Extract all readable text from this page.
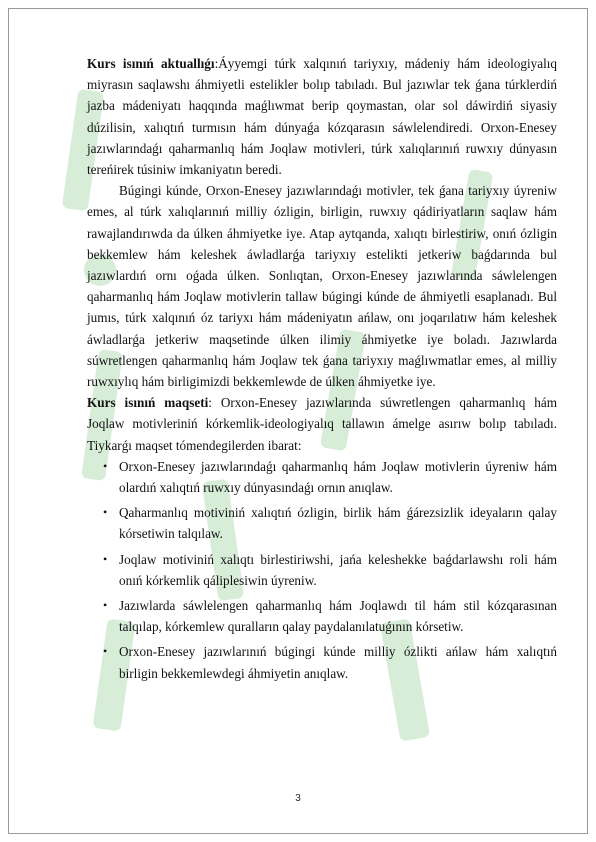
Kurs isınıń aktuallıǵı:Áyyemgi túrk xalqınıń tariyxıy, mádeniy hám ideologiyalıq miyrasın saqlawshı áhmiyetli estelikler bolıp tabıladı. Bul jazıwlar tek ǵana túrklerdiń jazba mádeniyatı haqqında maǵlıwmat berip qoymastan, olar sol dáwirdiń siyasiy dúzilisin, xalıqtıń turmısın hám dúnyaǵa kózqarasın sáwlelendiredi. Orxon-Enesey jazıwlarındaǵı qaharmanlıq hám Joqlaw motivleri, túrk xalıqlarınıń ruwxıy dúnyasın tereńirek túsiniw imkaniyatın beredi.

Búgingi kúnde, Orxon-Enesey jazıwlarındaǵı motivler, tek ǵana tariyxıy úyreniw emes, al túrk xalıqlarınıń milliy ózligin, birligin, ruwxıy qádiriyatların saqlaw hám rawajlandırıwda da úlken áhmiyetke iye. Atap aytqanda, xalıqtı birlestiriw, onıń ózligin bekkemlew hám keleshek áwladlarǵa tariyxıy estelikti jetkeriw baǵdarında bul jazıwlardıń ornı oǵada úlken. Sonlıqtan, Orxon-Enesey jazıwlarında sáwlelengen qaharmanlıq hám Joqlaw motivlerin tallaw búgingi kúnde de áhmiyetli esaplanadı. Bul jumıs, túrk xalqınıń óz tariyxı hám mádeniyatın ańlaw, onı joqarılatıw hám keleshek áwladlarǵa jetkeriw maqsetinde úlken ilimiy áhmiyetke iye boladı. Jazıwlarda súwretlengen qaharmanlıq hám Joqlaw tek ǵana tariyxıy maǵlıwmatlar emes, al milliy ruwxıylıq hám birligimizdi bekkemlewde de úlken áhmiyetke iye.

Kurs isınıń maqseti: Orxon-Enesey jazıwlarında súwretlengen qaharmanlıq hám Joqlaw motivleriniń kórkemlik-ideologiyalıq tallawın ámelge asırıw bolıp tabıladı. Tiykarǵı maqset tómendegilerden ibarat:

• Orxon-Enesey jazıwlarındaǵı qaharmanlıq hám Joqlaw motivlerin úyreniw hám olardıń xalıqtıń ruwxıy dúnyasındaǵı ornın anıqlaw.
• Qaharmanlıq motiviniń xalıqtıń ózligin, birlik hám ǵárezsizlik ideyaların qalay kórsetiwin talqılaw.
• Joqlaw motiviniń xalıqtı birlestiriwshi, jańa keleshekke baǵdarlawshı roli hám onıń kórkemlik qáliplesiwin úyreniw.
• Jazıwlarda sáwlelengen qaharmanlıq hám Joqlawdı til hám stil kózqarasınan talqılap, kórkemlew quralların qalay paydalanılatuǵının kórsetiw.
• Orxon-Enesey jazıwlarınıń búgingi kúnde milliy ózlikti ańlaw hám xalıqtıń birligin bekkemlewdegi áhmiyetin anıqlaw.
3
